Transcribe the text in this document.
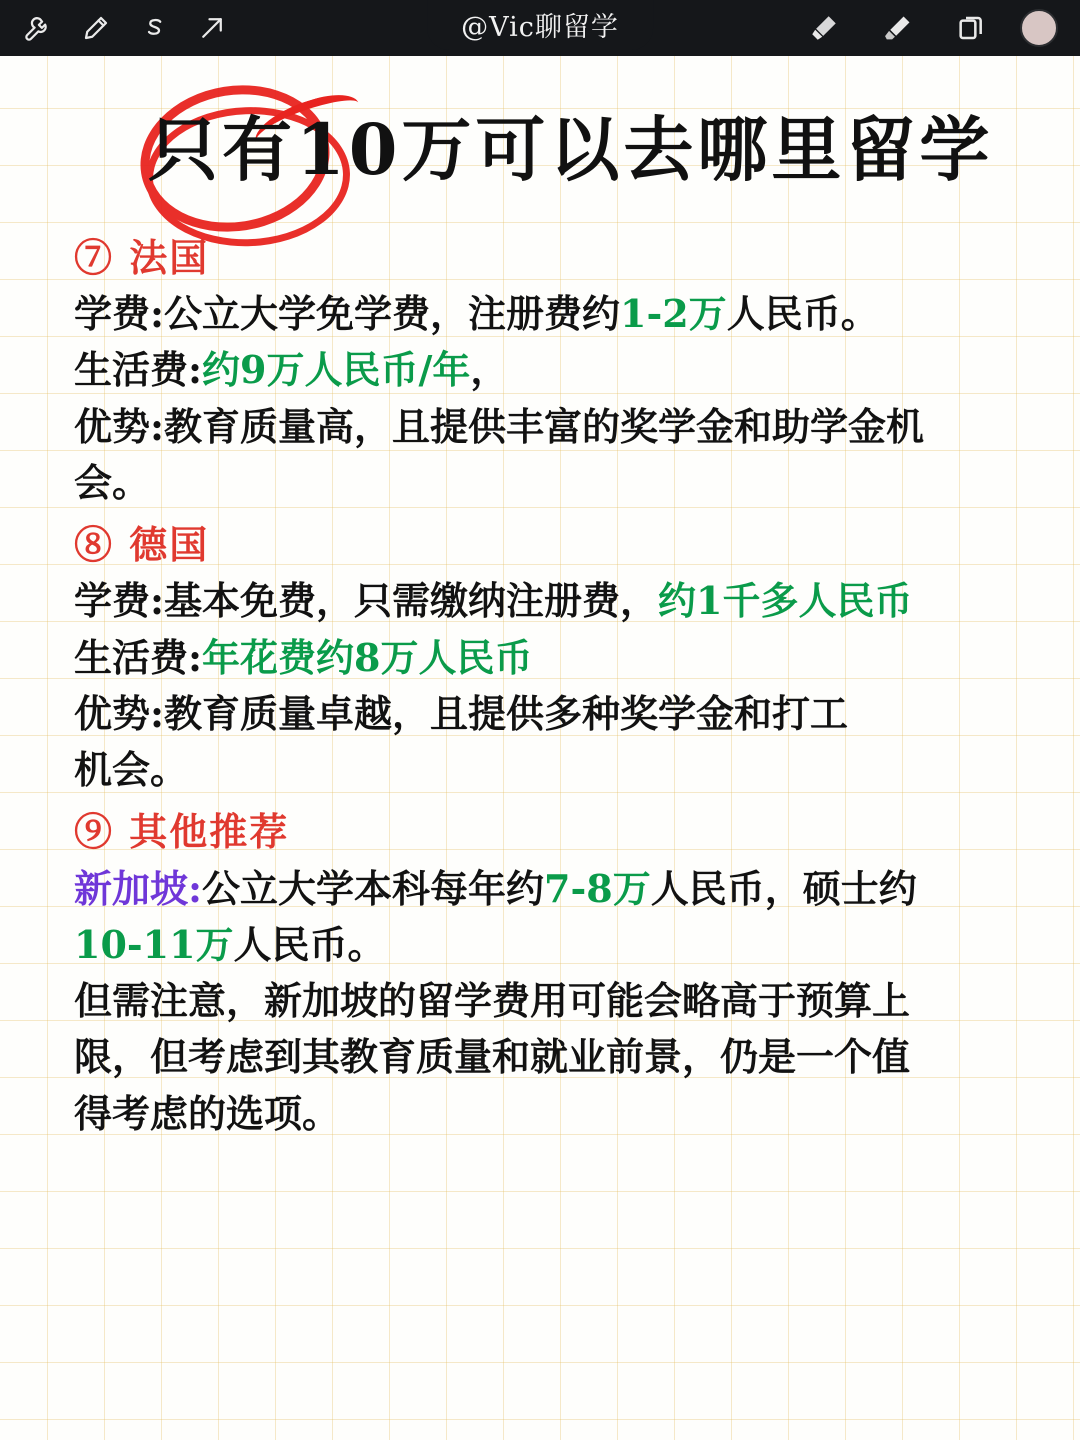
@Vic聊留学
只有10万可以去哪里留学
⑦ 法国
学费:公立大学免学费，注册费约1-2万人民币。
生活费:约9万人民币/年，
优势:教育质量高，且提供丰富的奖学金和助学金机
会。
⑧ 德国
学费:基本免费，只需缴纳注册费，约1千多人民币
生活费:年花费约8万人民币
优势:教育质量卓越，且提供多种奖学金和打工
机会。
⑨ 其他推荐
新加坡:公立大学本科每年约7-8万人民币，硕士约
10-11万人民币。
但需注意，新加坡的留学费用可能会略高于预算上
限，但考虑到其教育质量和就业前景，仍是一个值
得考虑的选项。
